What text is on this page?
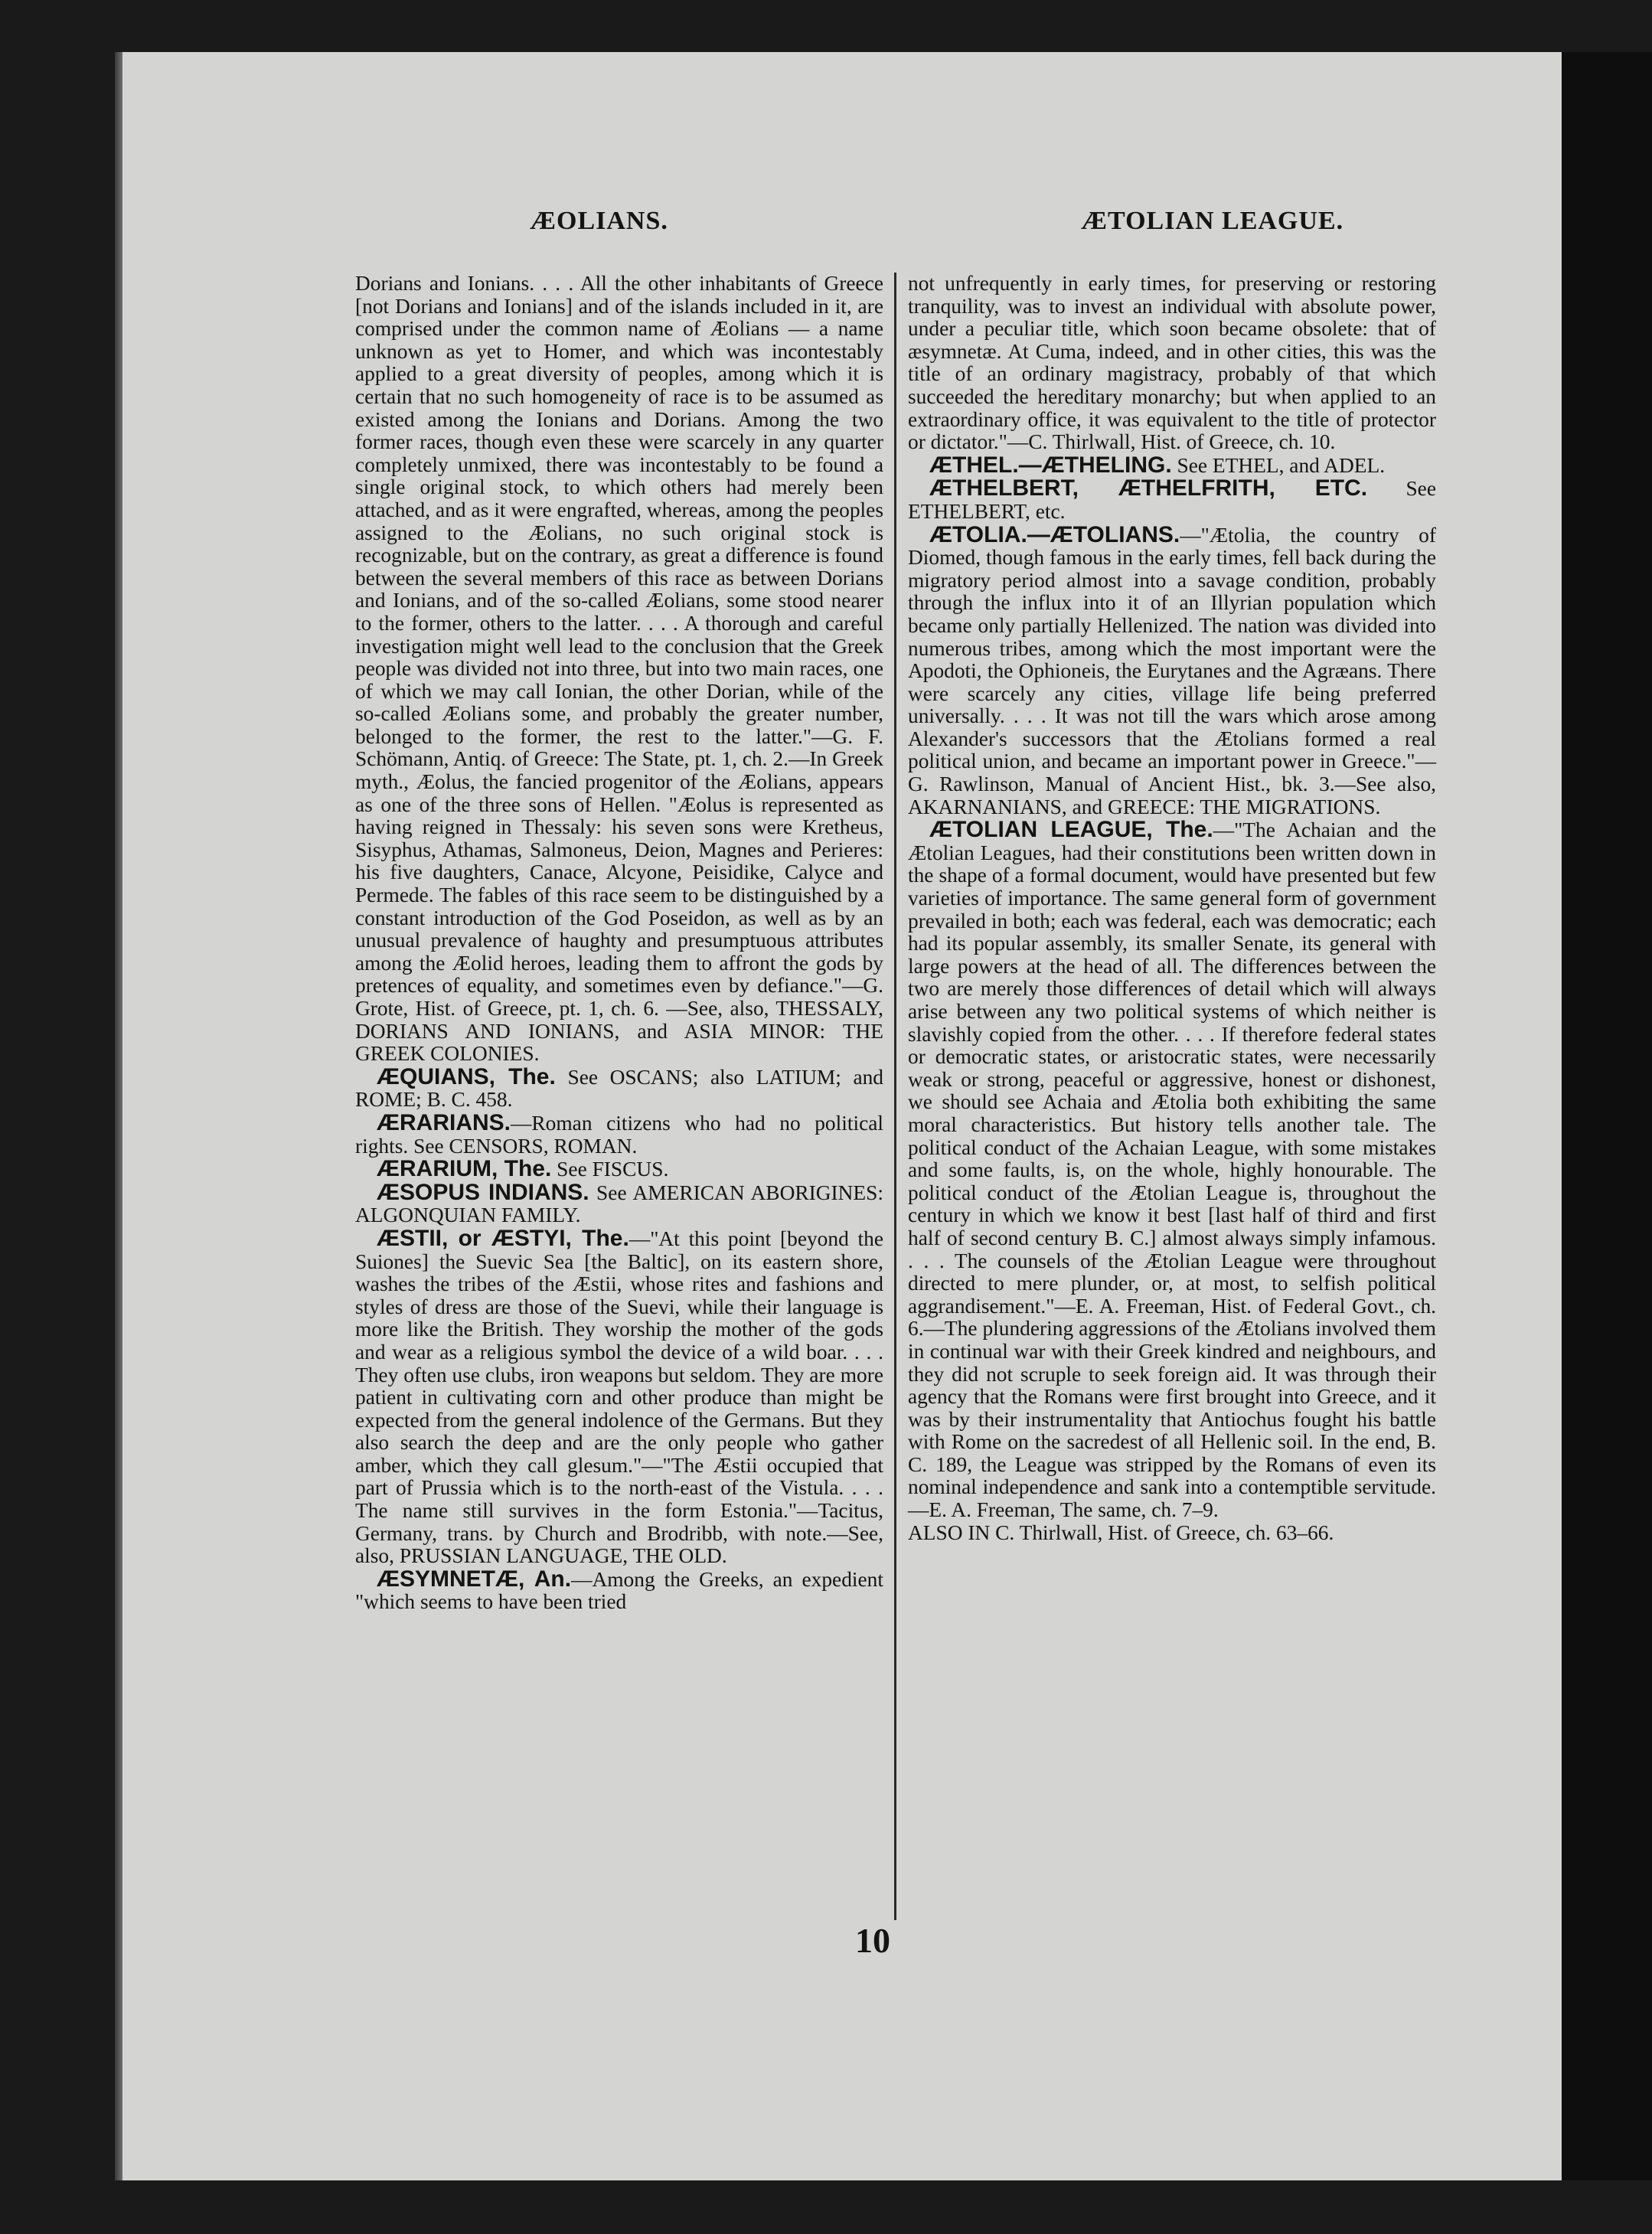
ÆOLIANS.	ÆTOLIAN LEAGUE.

Dorians and Ionians. . . . All the other inhabitants of Greece [not Dorians and Ionians] and of the islands included in it, are comprised under the common name of Æolians — a name unknown as yet to Homer, and which was incontestably applied to a great diversity of peoples, among which it is certain that no such homogeneity of race is to be assumed as existed among the Ionians and Dorians. Among the two former races, though even these were scarcely in any quarter completely unmixed, there was incontestably to be found a single original stock, to which others had merely been attached, and as it were engrafted, whereas, among the peoples assigned to the Æolians, no such original stock is recognizable, but on the contrary, as great a difference is found between the several members of this race as between Dorians and Ionians, and of the so-called Æolians, some stood nearer to the former, others to the latter. . . . A thorough and careful investigation might well lead to the conclusion that the Greek people was divided not into three, but into two main races, one of which we may call Ionian, the other Dorian, while of the so-called Æolians some, and probably the greater number, belonged to the former, the rest to the latter."—G. F. Schömann, Antiq. of Greece: The State, pt. 1, ch. 2.—In Greek myth., Æolus, the fancied progenitor of the Æolians, appears as one of the three sons of Hellen. "Æolus is represented as having reigned in Thessaly: his seven sons were Kretheus, Sisyphus, Athamas, Salmoneus, Deion, Magnes and Perieres: his five daughters, Canace, Alcyone, Peisidike, Calyce and Permede. The fables of this race seem to be distinguished by a constant introduction of the God Poseidon, as well as by an unusual prevalence of haughty and presumptuous attributes among the Æolid heroes, leading them to affront the gods by pretences of equality, and sometimes even by defiance."—G. Grote, Hist. of Greece, pt. 1, ch. 6. —See, also, THESSALY, DORIANS AND IONIANS, and ASIA MINOR: THE GREEK COLONIES.

ÆQUIANS, The. See OSCANS; also LATIUM; and ROME; B. C. 458.

ÆRARIANS.—Roman citizens who had no political rights. See CENSORS, ROMAN.

ÆRARIUM, The. See FISCUS.

ÆSOPUS INDIANS. See AMERICAN ABORIGINES: ALGONQUIAN FAMILY.

ÆSTII, or ÆSTYI, The.—"At this point [beyond the Suiones] the Suevic Sea [the Baltic], on its eastern shore, washes the tribes of the Æstii, whose rites and fashions and styles of dress are those of the Suevi, while their language is more like the British. They worship the mother of the gods and wear as a religious symbol the device of a wild boar. . . . They often use clubs, iron weapons but seldom. They are more patient in cultivating corn and other produce than might be expected from the general indolence of the Germans. But they also search the deep and are the only people who gather amber, which they call glesum."—"The Æstii occupied that part of Prussia which is to the north-east of the Vistula. . . . The name still survives in the form Estonia."—Tacitus, Germany, trans. by Church and Brodribb, with note.—See, also, PRUSSIAN LANGUAGE, THE OLD.

ÆSYMNETÆ, An.—Among the Greeks, an expedient "which seems to have been tried

not unfrequently in early times, for preserving or restoring tranquility, was to invest an individual with absolute power, under a peculiar title, which soon became obsolete: that of æsymnetæ. At Cuma, indeed, and in other cities, this was the title of an ordinary magistracy, probably of that which succeeded the hereditary monarchy; but when applied to an extraordinary office, it was equivalent to the title of protector or dictator."—C. Thirlwall, Hist. of Greece, ch. 10.

ÆTHEL.—ÆTHELING. See ETHEL, and ADEL.

ÆTHELBERT, ÆTHELFRITH, ETC. See ETHELBERT, etc.

ÆTOLIA.—ÆTOLIANS.—"Ætolia, the country of Diomed, though famous in the early times, fell back during the migratory period almost into a savage condition, probably through the influx into it of an Illyrian population which became only partially Hellenized. The nation was divided into numerous tribes, among which the most important were the Apodoti, the Ophioneis, the Eurytanes and the Agræans. There were scarcely any cities, village life being preferred universally. . . . It was not till the wars which arose among Alexander's successors that the Ætolians formed a real political union, and became an important power in Greece."—G. Rawlinson, Manual of Ancient Hist., bk. 3.—See also, AKARNANIANS, and GREECE: THE MIGRATIONS.

ÆTOLIAN LEAGUE, The.—"The Achaian and the Ætolian Leagues, had their constitutions been written down in the shape of a formal document, would have presented but few varieties of importance. The same general form of government prevailed in both; each was federal, each was democratic; each had its popular assembly, its smaller Senate, its general with large powers at the head of all. The differences between the two are merely those differences of detail which will always arise between any two political systems of which neither is slavishly copied from the other. . . . If therefore federal states or democratic states, or aristocratic states, were necessarily weak or strong, peaceful or aggressive, honest or dishonest, we should see Achaia and Ætolia both exhibiting the same moral characteristics. But history tells another tale. The political conduct of the Achaian League, with some mistakes and some faults, is, on the whole, highly honourable. The political conduct of the Ætolian League is, throughout the century in which we know it best [last half of third and first half of second century B. C.] almost always simply infamous. . . . The counsels of the Ætolian League were throughout directed to mere plunder, or, at most, to selfish political aggrandisement."—E. A. Freeman, Hist. of Federal Govt., ch. 6.—The plundering aggressions of the Ætolians involved them in continual war with their Greek kindred and neighbours, and they did not scruple to seek foreign aid. It was through their agency that the Romans were first brought into Greece, and it was by their instrumentality that Antiochus fought his battle with Rome on the sacredest of all Hellenic soil. In the end, B. C. 189, the League was stripped by the Romans of even its nominal independence and sank into a contemptible servitude.—E. A. Freeman, The same, ch. 7–9.

ALSO IN C. Thirlwall, Hist. of Greece, ch. 63–66.

10
